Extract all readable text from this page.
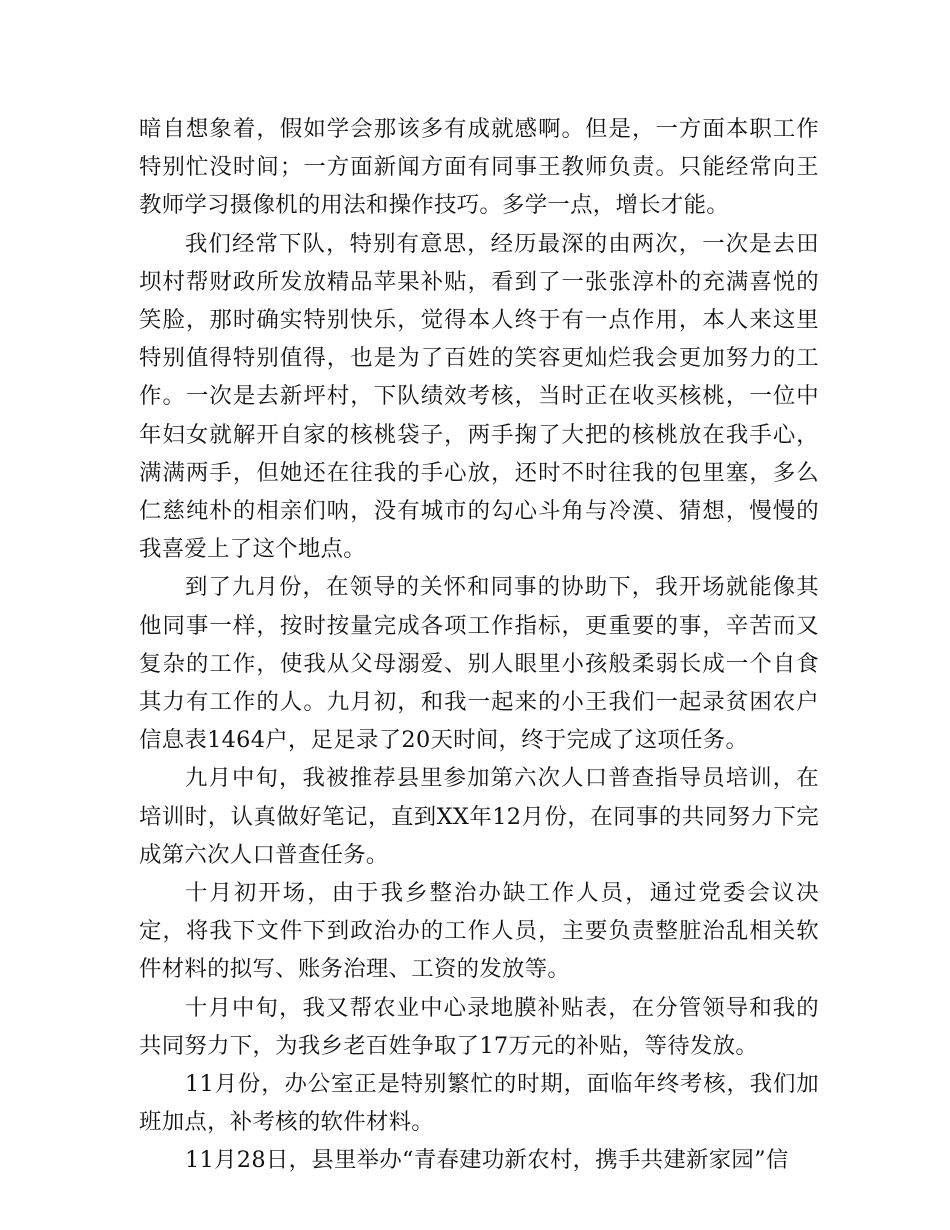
暗自想象着，假如学会那该多有成就感啊。但是，一方面本职工作特别忙没时间；一方面新闻方面有同事王教师负责。只能经常向王教师学习摄像机的用法和操作技巧。多学一点，增长才能。

我们经常下队，特别有意思，经历最深的由两次，一次是去田坝村帮财政所发放精品苹果补贴，看到了一张张淳朴的充满喜悦的笑脸，那时确实特别快乐，觉得本人终于有一点作用，本人来这里特别值得特别值得，也是为了百姓的笑容更灿烂我会更加努力的工作。一次是去新坪村，下队绩效考核，当时正在收买核桃，一位中年妇女就解开自家的核桃袋子，两手掬了大把的核桃放在我手心，满满两手，但她还在往我的手心放，还时不时往我的包里塞，多么仁慈纯朴的相亲们呐，没有城市的勾心斗角与冷漠、猜想，慢慢的我喜爱上了这个地点。

到了九月份，在领导的关怀和同事的协助下，我开场就能像其他同事一样，按时按量完成各项工作指标，更重要的事，辛苦而又复杂的工作，使我从父母溺爱、别人眼里小孩般柔弱长成一个自食其力有工作的人。九月初，和我一起来的小王我们一起录贫困农户信息表1464户，足足录了20天时间，终于完成了这项任务。

九月中旬，我被推荐县里参加第六次人口普查指导员培训，在培训时，认真做好笔记，直到XX年12月份，在同事的共同努力下完成第六次人口普查任务。

十月初开场，由于我乡整治办缺工作人员，通过党委会议决定，将我下文件下到政治办的工作人员，主要负责整脏治乱相关软件材料的拟写、账务治理、工资的发放等。

十月中旬，我又帮农业中心录地膜补贴表，在分管领导和我的共同努力下，为我乡老百姓争取了17万元的补贴，等待发放。

11月份，办公室正是特别繁忙的时期，面临年终考核，我们加班加点，补考核的软件材料。

11月28日，县里举办“青春建功新农村，携手共建新家园”信
